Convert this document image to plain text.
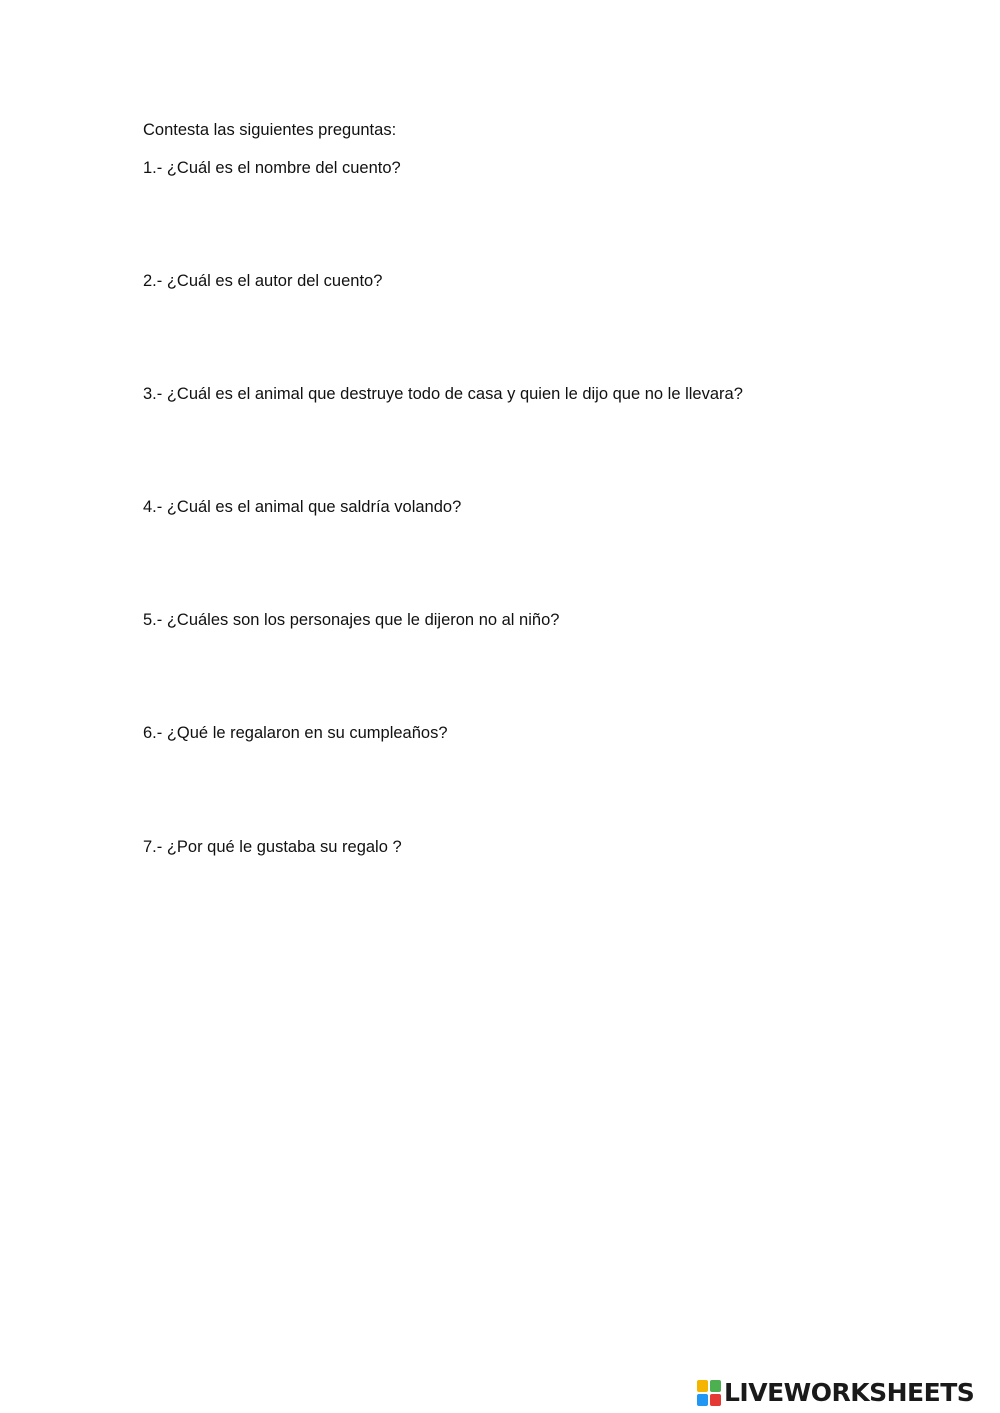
Contesta las siguientes preguntas:
1.- ¿Cuál es el nombre del cuento?
2.- ¿Cuál es el autor del cuento?
3.- ¿Cuál es el animal que destruye todo de casa y quien le dijo que no le llevara?
4.- ¿Cuál es el animal que saldría volando?
5.- ¿Cuáles son los personajes que le dijeron no al niño?
6.- ¿Qué le regalaron en su cumpleaños?
7.- ¿Por qué le gustaba su regalo ?
LIVEWORKSHEETS
